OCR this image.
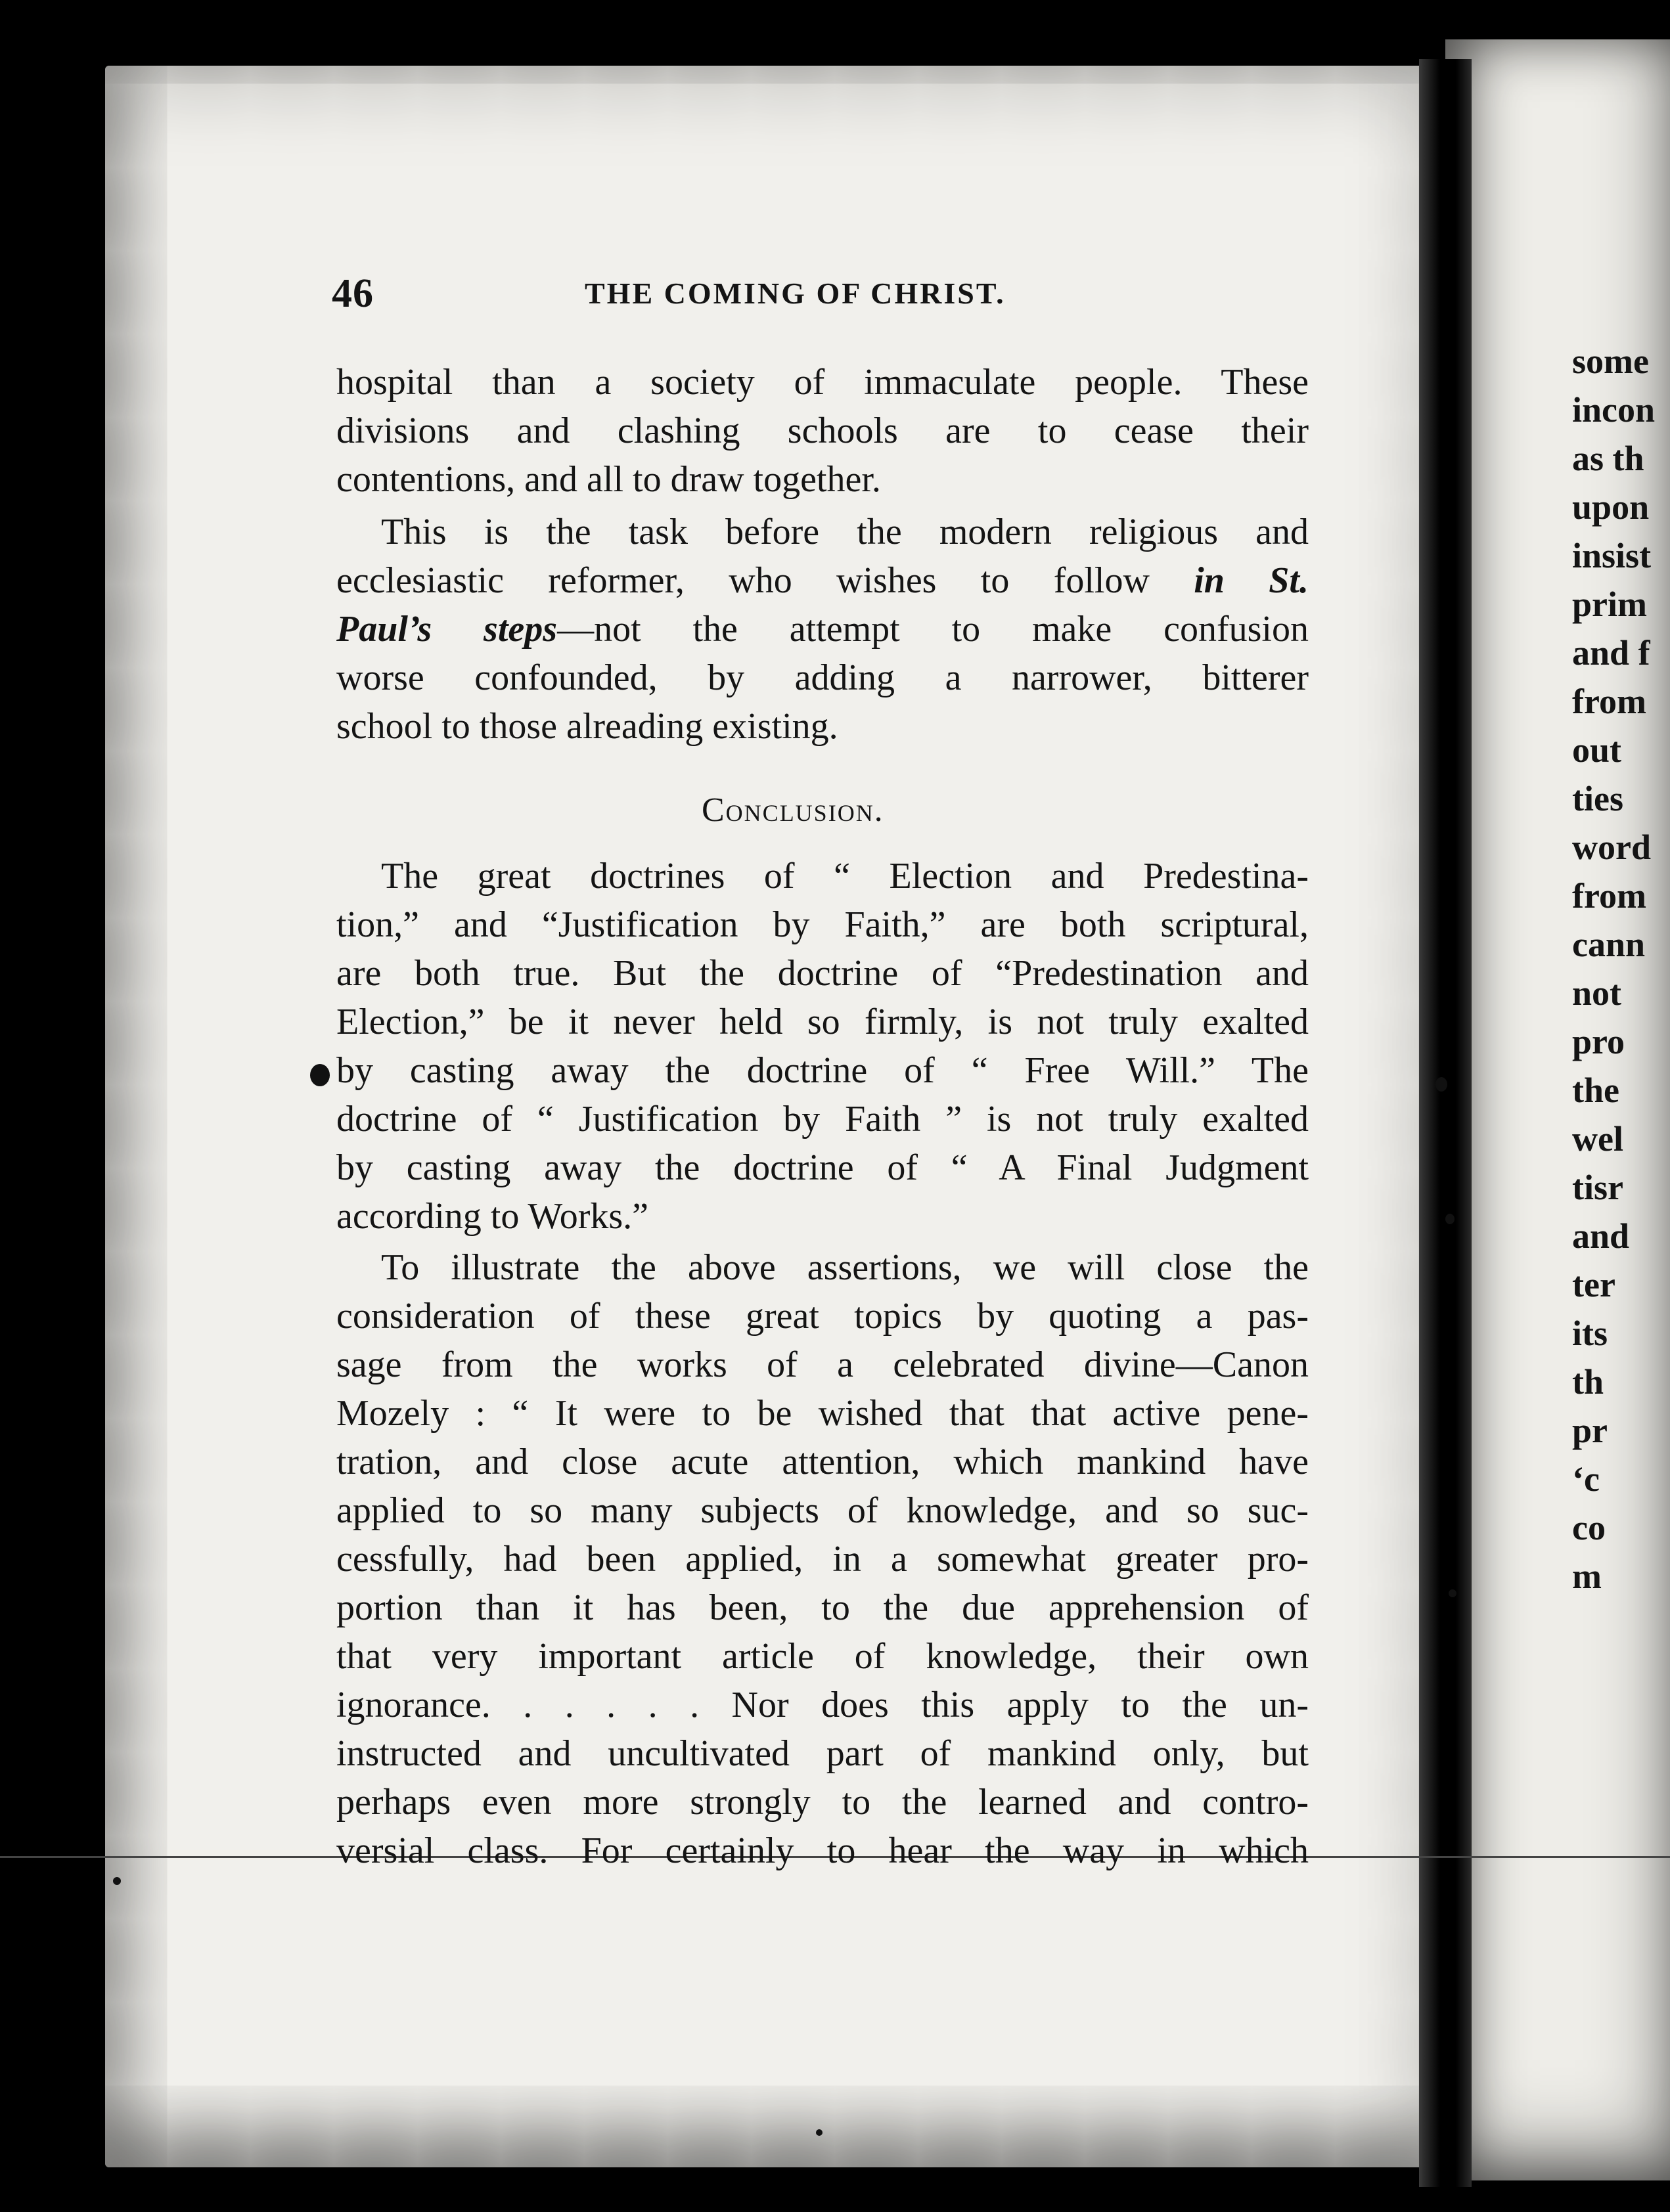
46	THE COMING OF CHRIST.
hospital than a society of immaculate people. These
divisions and clashing schools are to cease their
contentions, and all to draw together.
This is the task before the modern religious and
ecclesiastic reformer, who wishes to follow in St.
Paul’s steps—not the attempt to make confusion
worse confounded, by adding a narrower, bitterer
school to those alreading existing.
Conclusion.
The great doctrines of “ Election and Predestina-
tion,” and “Justification by Faith,” are both scriptural,
are both true. But the doctrine of “Predestination and
Election,” be it never held so firmly, is not truly exalted
by casting away the doctrine of “ Free Will.” The
doctrine of “ Justification by Faith ” is not truly exalted
by casting away the doctrine of “ A Final Judgment
according to Works.”
To illustrate the above assertions, we will close the
consideration of these great topics by quoting a pas-
sage from the works of a celebrated divine—Canon
Mozely : “ It were to be wished that that active pene-
tration, and close acute attention, which mankind have
applied to so many subjects of knowledge, and so suc-
cessfully, had been applied, in a somewhat greater pro-
portion than it has been, to the due apprehension of
that very important article of knowledge, their own
ignorance. . . . . . Nor does this apply to the un-
instructed and uncultivated part of mankind only, but
perhaps even more strongly to the learned and contro-
versial class. For certainly to hear the way in which
some
incon
as th
upon
insist
prim
and f
from
out
ties
word
from
cann
not
pro
the
wel
tisr
and
ter
its
th
pr
‘c
co
m
